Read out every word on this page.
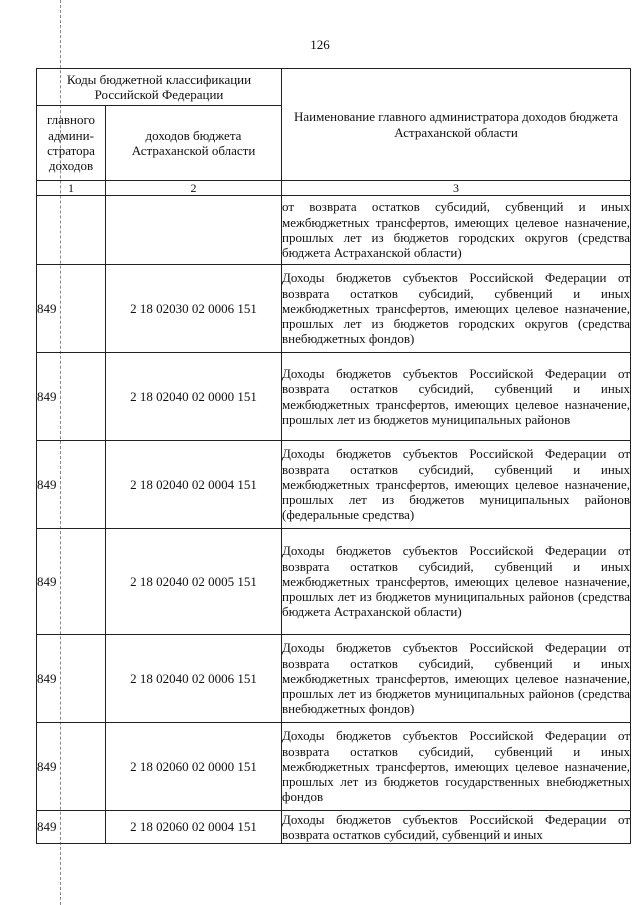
126
Коды бюджетной классификации Российской Федерации		Наименование главного администратора доходов бюджета Астраханской области
главного админи-стратора доходов	доходов бюджета Астраханской области	
1	2	3

		от возврата остатков субсидий, субвенций и иных межбюджетных трансфертов, имеющих целевое назначение, прошлых лет из бюджетов городских округов (средства бюджета Астраханской области)

849	2 18 02030 02 0006 151	Доходы бюджетов субъектов Российской Федерации от возврата остатков субсидий, субвенций и иных межбюджетных трансфертов, имеющих целевое назначение, прошлых лет из бюджетов городских округов (средства внебюджетных фондов)

849	2 18 02040 02 0000 151	Доходы бюджетов субъектов Российской Федерации от возврата остатков субсидий, субвенций и иных межбюджетных трансфертов, имеющих целевое назначение, прошлых лет из бюджетов муниципальных районов

849	2 18 02040 02 0004 151	Доходы бюджетов субъектов Российской Федерации от возврата остатков субсидий, субвенций и иных межбюджетных трансфертов, имеющих целевое назначение, прошлых лет из бюджетов муниципальных районов (федеральные средства)

849	2 18 02040 02 0005 151	Доходы бюджетов субъектов Российской Федерации от возврата остатков субсидий, субвенций и иных межбюджетных трансфертов, имеющих целевое назначение, прошлых лет из бюджетов муниципальных районов (средства бюджета Астраханской области)

849	2 18 02040 02 0006 151	Доходы бюджетов субъектов Российской Федерации от возврата остатков субсидий, субвенций и иных межбюджетных трансфертов, имеющих целевое назначение, прошлых лет из бюджетов муниципальных районов (средства внебюджетных фондов)

849	2 18 02060 02 0000 151	Доходы бюджетов субъектов Российской Федерации от возврата остатков субсидий, субвенций и иных межбюджетных трансфертов, имеющих целевое назначение, прошлых лет из бюджетов государственных внебюджетных фондов

849	2 18 02060 02 0004 151	Доходы бюджетов субъектов Российской Федерации от возврата остатков субсидий, субвенций и иных
